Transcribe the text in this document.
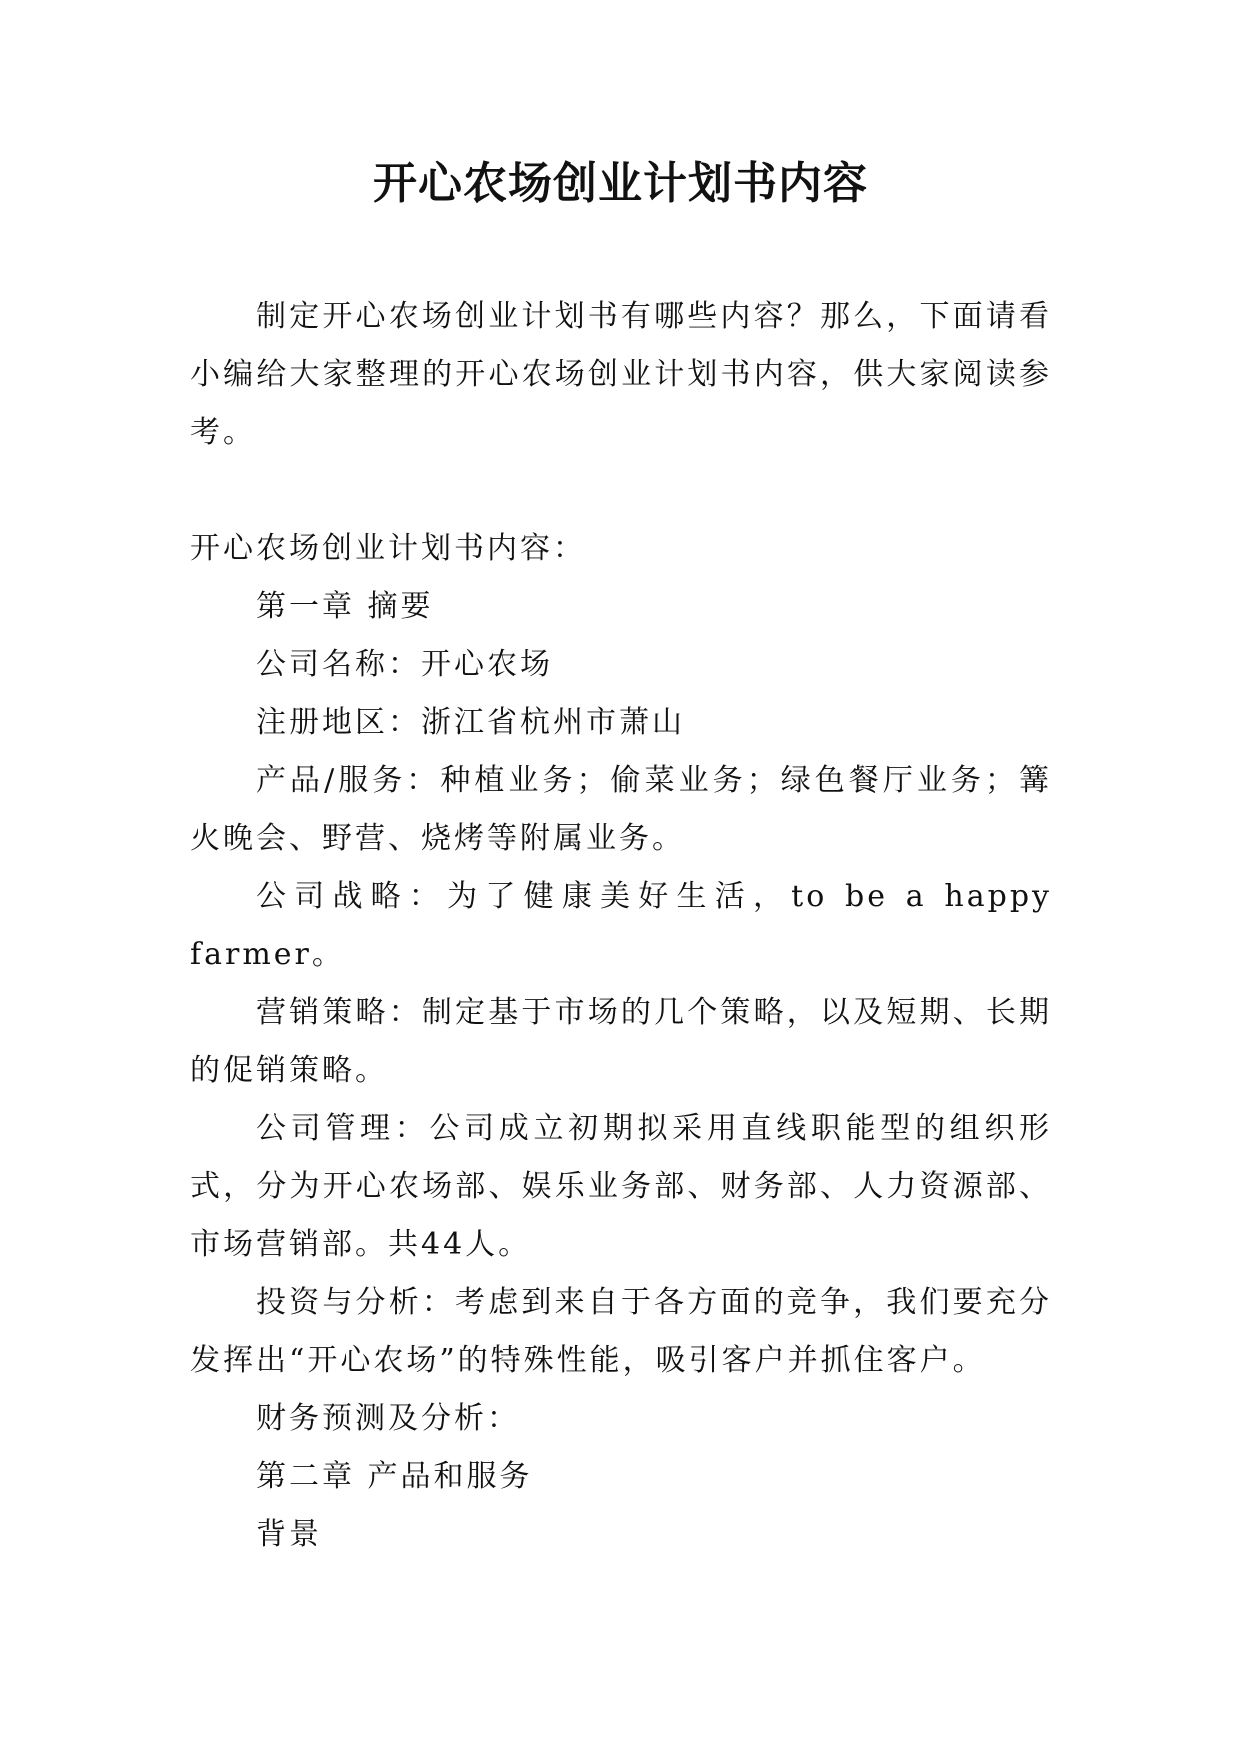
开心农场创业计划书内容

制定开心农场创业计划书有哪些内容？那么，下面请看小编给大家整理的开心农场创业计划书内容，供大家阅读参考。

开心农场创业计划书内容：

第一章 摘要

公司名称：开心农场

注册地区：浙江省杭州市萧山

产品/服务：种植业务；偷菜业务；绿色餐厅业务；篝火晚会、野营、烧烤等附属业务。

公司战略：为了健康美好生活，to be a happy farmer。

营销策略：制定基于市场的几个策略，以及短期、长期的促销策略。

公司管理：公司成立初期拟采用直线职能型的组织形式，分为开心农场部、娱乐业务部、财务部、人力资源部、市场营销部。共44人。

投资与分析：考虑到来自于各方面的竞争，我们要充分发挥出“开心农场”的特殊性能，吸引客户并抓住客户。

财务预测及分析：

第二章 产品和服务

背景
